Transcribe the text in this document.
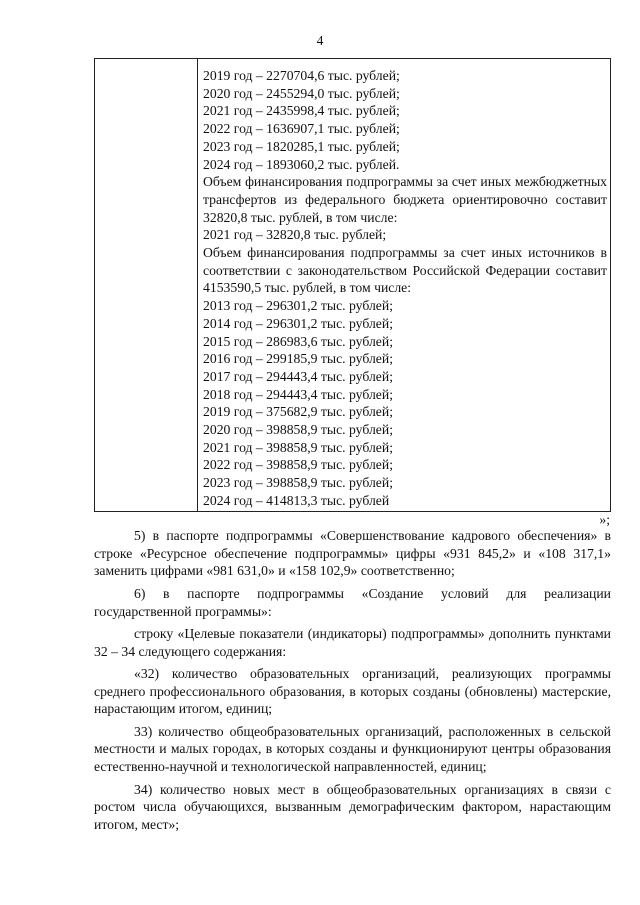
4
2019 год – 2270704,6 тыс. рублей;
2020 год – 2455294,0 тыс. рублей;
2021 год – 2435998,4 тыс. рублей;
2022 год – 1636907,1 тыс. рублей;
2023 год – 1820285,1 тыс. рублей;
2024 год – 1893060,2 тыс. рублей.
Объем финансирования подпрограммы за счет иных межбюджетных трансфертов из федерального бюджета ориентировочно составит 32820,8 тыс. рублей, в том числе:
2021 год – 32820,8 тыс. рублей;
Объем финансирования подпрограммы за счет иных источников в соответствии с законодательством Российской Федерации составит 4153590,5 тыс. рублей, в том числе:
2013 год – 296301,2 тыс. рублей;
2014 год – 296301,2 тыс. рублей;
2015 год – 286983,6 тыс. рублей;
2016 год – 299185,9 тыс. рублей;
2017 год – 294443,4 тыс. рублей;
2018 год – 294443,4 тыс. рублей;
2019 год – 375682,9 тыс. рублей;
2020 год – 398858,9 тыс. рублей;
2021 год – 398858,9 тыс. рублей;
2022 год – 398858,9 тыс. рублей;
2023 год – 398858,9 тыс. рублей;
2024 год – 414813,3 тыс. рублей
»;

5) в паспорте подпрограммы «Совершенствование кадрового обеспечения» в строке «Ресурсное обеспечение подпрограммы» цифры «931 845,2» и «108 317,1» заменить цифрами «981 631,0» и «158 102,9» соответственно;

6) в паспорте подпрограммы «Создание условий для реализации государственной программы»:

строку «Целевые показатели (индикаторы) подпрограммы» дополнить пунктами 32 – 34 следующего содержания:

«32) количество образовательных организаций, реализующих программы среднего профессионального образования, в которых созданы (обновлены) мастерские, нарастающим итогом, единиц;

33) количество общеобразовательных организаций, расположенных в сельской местности и малых городах, в которых созданы и функционируют центры образования естественно-научной и технологической направленностей, единиц;

34) количество новых мест в общеобразовательных организациях в связи с ростом числа обучающихся, вызванным демографическим фактором, нарастающим итогом, мест»;
